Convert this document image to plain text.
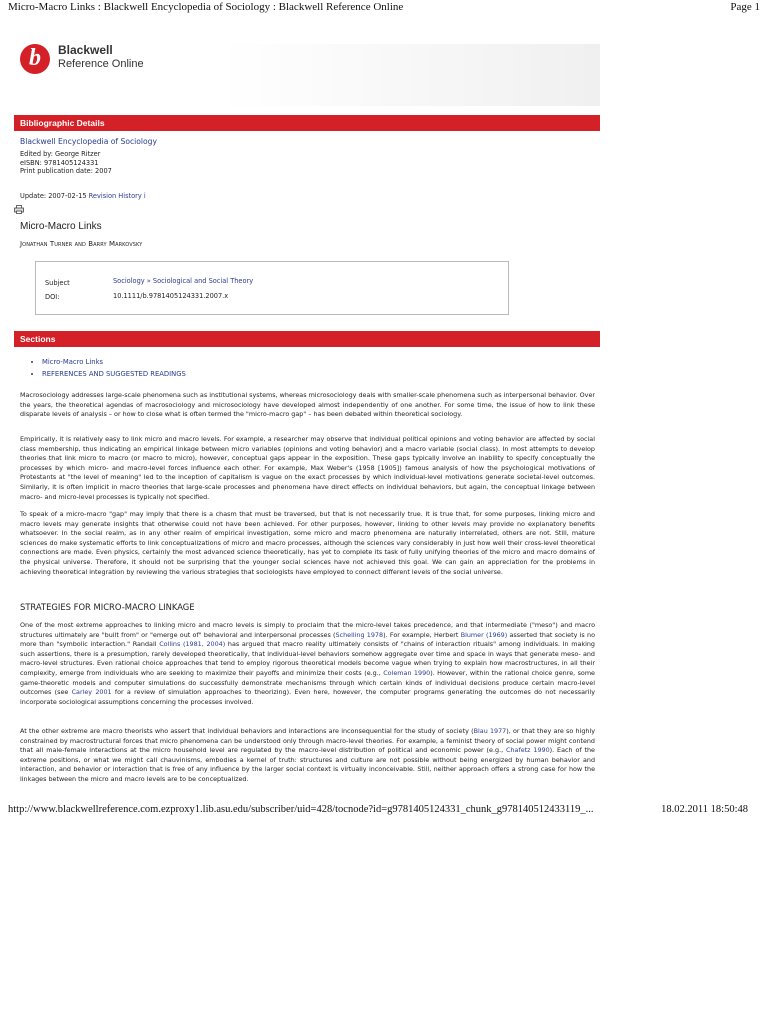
Micro-Macro Links : Blackwell Encyclopedia of Sociology : Blackwell Reference Online	Page 1
b	Blackwell
Reference Online
Bibliographic Details
Blackwell Encyclopedia of Sociology
Edited by: George Ritzer
eISBN: 9781405124331
Print publication date: 2007
Update: 2007-02-15 Revision History i
Micro-Macro Links
Jonathan Turner and Barry Markovsky
Subject	Sociology » Sociological and Social Theory
DOI:	10.1111/b.9781405124331.2007.x
Sections
• Micro-Macro Links
• REFERENCES AND SUGGESTED READINGS
Macrosociology addresses large-scale phenomena such as institutional systems, whereas microsociology deals with smaller-scale phenomena such as interpersonal behavior. Over the years, the theoretical agendas of macrosociology and microsociology have developed almost independently of one another. For some time, the issue of how to link these disparate levels of analysis – or how to close what is often termed the "micro-macro gap" – has been debated within theoretical sociology.
Empirically, it is relatively easy to link micro and macro levels. For example, a researcher may observe that individual political opinions and voting behavior are affected by social class membership, thus indicating an empirical linkage between micro variables (opinions and voting behavior) and a macro variable (social class). In most attempts to develop theories that link micro to macro (or macro to micro), however, conceptual gaps appear in the exposition. These gaps typically involve an inability to specify conceptually the processes by which micro- and macro-level forces influence each other. For example, Max Weber's (1958 [1905]) famous analysis of how the psychological motivations of Protestants at "the level of meaning" led to the inception of capitalism is vague on the exact processes by which individual-level motivations generate societal-level outcomes. Similarly, it is often implicit in macro theories that large-scale processes and phenomena have direct effects on individual behaviors, but again, the conceptual linkage between macro- and micro-level processes is typically not specified.
To speak of a micro-macro "gap" may imply that there is a chasm that must be traversed, but that is not necessarily true. It is true that, for some purposes, linking micro and macro levels may generate insights that otherwise could not have been achieved. For other purposes, however, linking to other levels may provide no explanatory benefits whatsoever. In the social realm, as in any other realm of empirical investigation, some micro and macro phenomena are naturally interrelated, others are not. Still, mature sciences do make systematic efforts to link conceptualizations of micro and macro processes, although the sciences vary considerably in just how well their cross-level theoretical connections are made. Even physics, certainly the most advanced science theoretically, has yet to complete its task of fully unifying theories of the micro and macro domains of the physical universe. Therefore, it should not be surprising that the younger social sciences have not achieved this goal. We can gain an appreciation for the problems in achieving theoretical integration by reviewing the various strategies that sociologists have employed to connect different levels of the social universe.
STRATEGIES FOR MICRO-MACRO LINKAGE
One of the most extreme approaches to linking micro and macro levels is simply to proclaim that the micro-level takes precedence, and that intermediate ("meso") and macro structures ultimately are "built from" or "emerge out of" behavioral and interpersonal processes (Schelling 1978). For example, Herbert Blumer (1969) asserted that society is no more than "symbolic interaction." Randall Collins (1981, 2004) has argued that macro reality ultimately consists of "chains of interaction rituals" among individuals. In making such assertions, there is a presumption, rarely developed theoretically, that individual-level behaviors somehow aggregate over time and space in ways that generate meso- and macro-level structures. Even rational choice approaches that tend to employ rigorous theoretical models become vague when trying to explain how macrostructures, in all their complexity, emerge from individuals who are seeking to maximize their payoffs and minimize their costs (e.g., Coleman 1990). However, within the rational choice genre, some game-theoretic models and computer simulations do successfully demonstrate mechanisms through which certain kinds of individual decisions produce certain macro-level outcomes (see Carley 2001 for a review of simulation approaches to theorizing). Even here, however, the computer programs generating the outcomes do not necessarily incorporate sociological assumptions concerning the processes involved.
At the other extreme are macro theorists who assert that individual behaviors and interactions are inconsequential for the study of society (Blau 1977), or that they are so highly constrained by macrostructural forces that micro phenomena can be understood only through macro-level theories. For example, a feminist theory of social power might contend that all male-female interactions at the micro household level are regulated by the macro-level distribution of political and economic power (e.g., Chafetz 1990). Each of the extreme positions, or what we might call chauvinisms, embodies a kernel of truth: structures and culture are not possible without being energized by human behavior and interaction, and behavior or interaction that is free of any influence by the larger social context is virtually inconceivable. Still, neither approach offers a strong case for how the linkages between the micro and macro levels are to be conceptualized.
http://www.blackwellreference.com.ezproxy1.lib.asu.edu/subscriber/uid=428/tocnode?id=g9781405124331_chunk_g978140512433119_...	18.02.2011 18:50:48
